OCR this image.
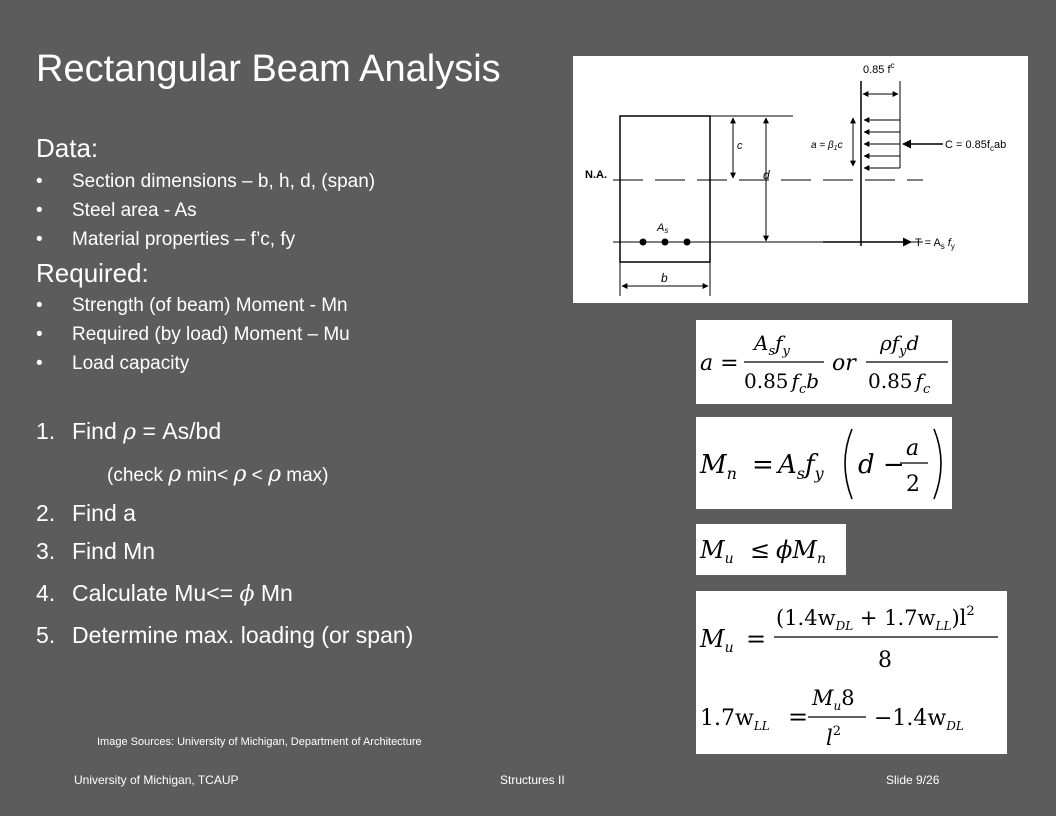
Rectangular Beam Analysis
Data:
• Section dimensions – b, h, d, (span)
• Steel area - As
• Material properties – f’c, fy
Required:
• Strength (of beam) Moment - Mn
• Required (by load) Moment – Mu
• Load capacity
1. Find ρ = As/bd
2. Find a
3. Find Mn
4. Calculate Mu<= ϕ Mn
5. Determine max. loading (or span)
(check ρ min< ρ < ρ max)
N.A.
c
d
As
b
0.85 $f^c$
$a = \beta_1c$	$C = 0.85f_cab$
$T = A_s$ $f_y$
a =
$A_sf_y$
0.85 $f_cb$
or
$\rho f_yd$
0.85 $f_c$
$M_n = A_sf_y$ d −
a
2
$M_u \le \phi M_n$
$M_u$ =
$(1.4w_{DL} + 1.7w_{LL})l^2$
8
$1.7w_{LL}$ =
$M_u8$
$l^2$
$-1.4w_{DL}$
Image Sources: University of Michigan, Department of Architecture
University of Michigan, TCAUP	Structures II	Slide 9/26
